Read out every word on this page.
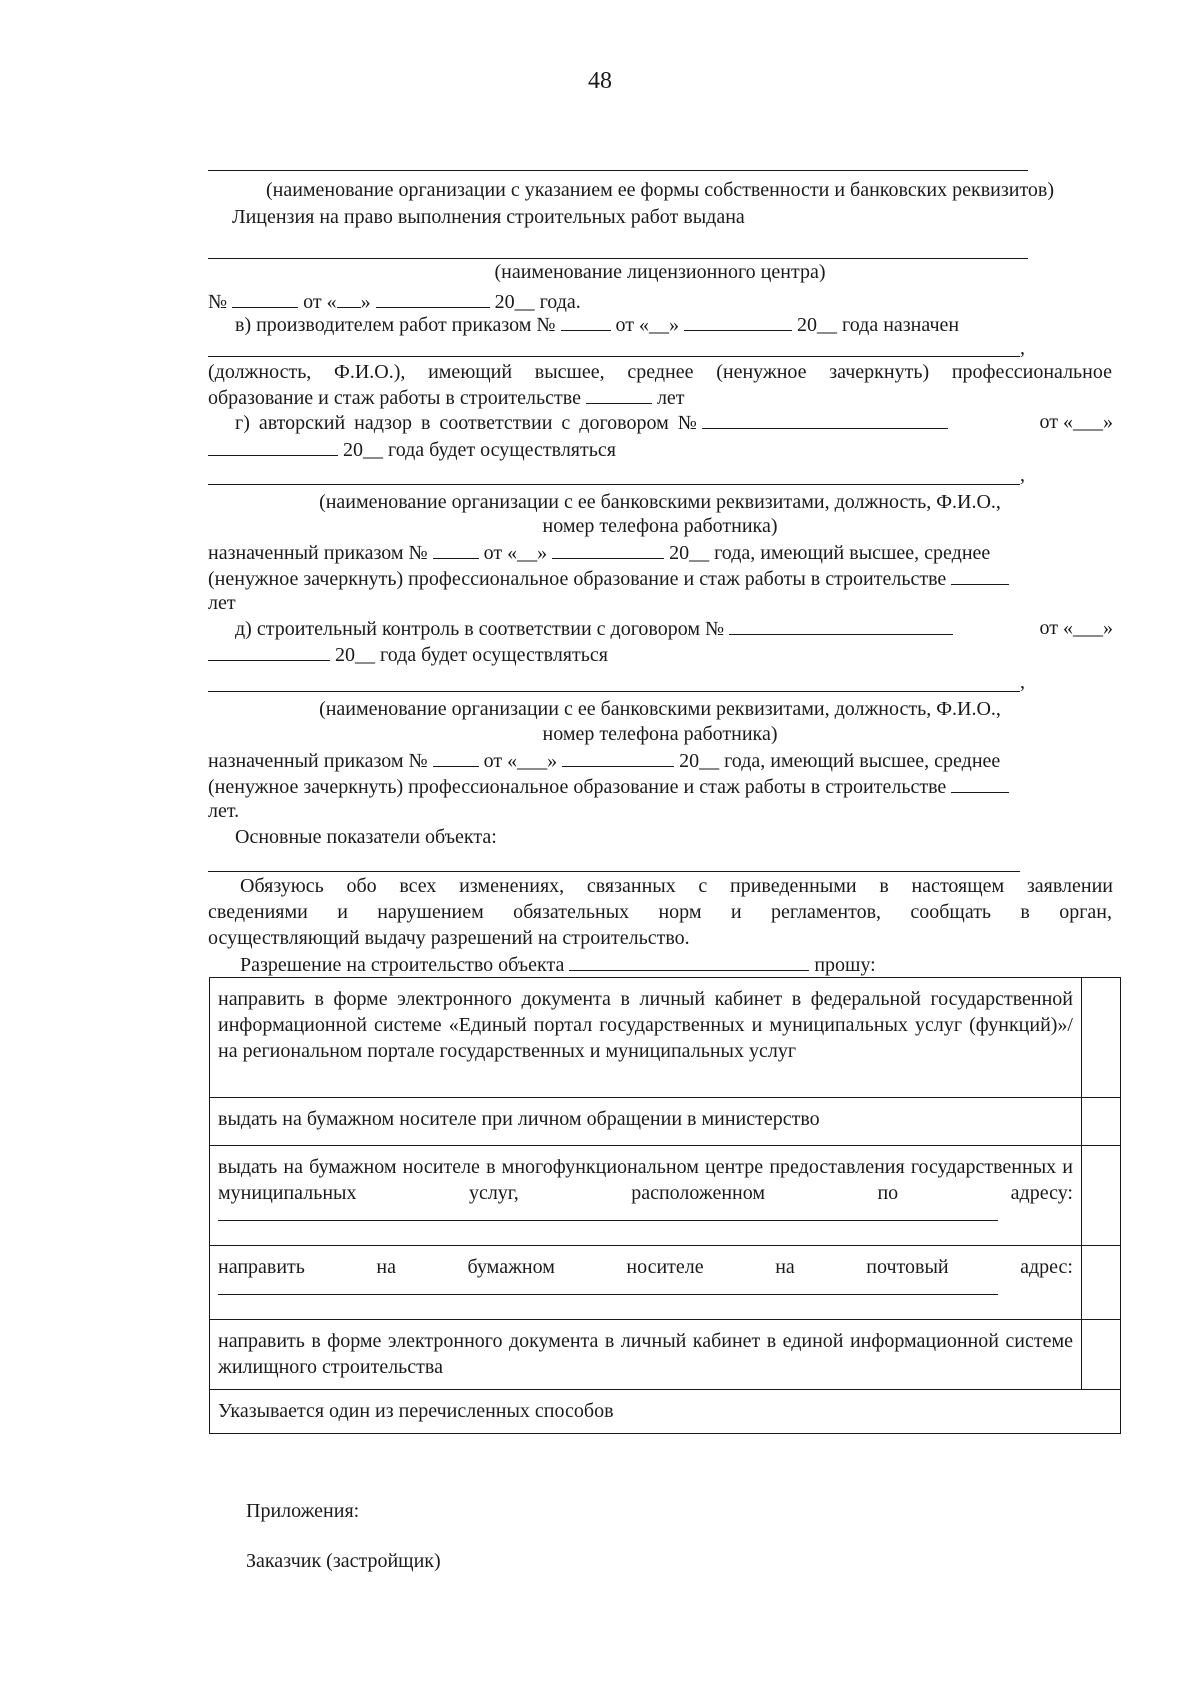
48
(наименование организации с указанием ее формы собственности и банковских реквизитов)
Лицензия на право выполнения строительных работ выдана
(наименование лицензионного центра)
№	от « »	20__ года.
в) производителем работ приказом №	от «__»	20__ года назначен
,
(должность, Ф.И.О.), имеющий высшее, среднее (ненужное зачеркнуть) профессиональное
образование и стаж работы в строительстве	лет
г) авторский надзор в соответствии с договором №	от «___»
20__ года будет осуществляться
,
(наименование организации с ее банковскими реквизитами, должность, Ф.И.О.,
номер телефона работника)
назначенный приказом №	от «__»	20__ года, имеющий высшее, среднее
(ненужное зачеркнуть) профессиональное образование и стаж работы в строительстве
лет
д) строительный контроль в соответствии с договором №	от «___»
20__ года будет осуществляться
,
(наименование организации с ее банковскими реквизитами, должность, Ф.И.О.,
номер телефона работника)
назначенный приказом №	от «___»	20__ года, имеющий высшее, среднее
(ненужное зачеркнуть) профессиональное образование и стаж работы в строительстве
лет.
Основные показатели объекта:
Обязуюсь обо всех изменениях, связанных с приведенными в настоящем заявлении
сведениями и нарушением обязательных норм и регламентов, сообщать в орган,
осуществляющий выдачу разрешений на строительство.
Разрешение на строительство объекта	прошу:
направить в форме электронного документа в личный кабинет в федеральной государственной информационной системе «Единый портал государственных и муниципальных услуг (функций)»/на региональном портале государственных и муниципальных услуг	

выдать на бумажном носителе при личном обращении в министерство	

выдать на бумажном носителе в многофункциональном центре предоставления государственных и муниципальных услуг, расположенном по адресу:	

направить на бумажном носителе на почтовый адрес:	

направить в форме электронного документа в личный кабинет в единой информационной системе жилищного строительства	

Указывается один из перечисленных способов	
Приложения:
Заказчик (застройщик)
